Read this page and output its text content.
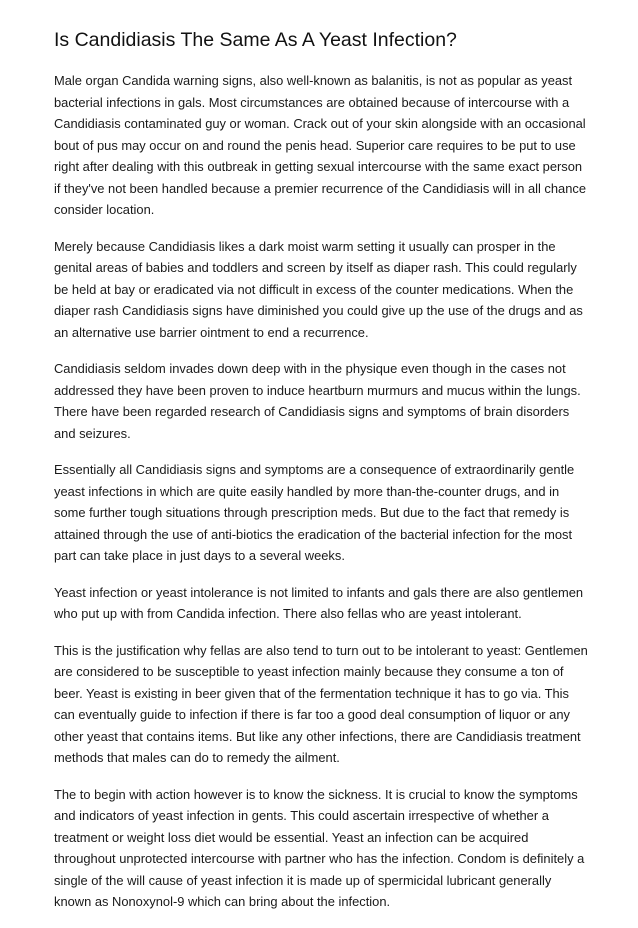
Is Candidiasis The Same As A Yeast Infection?

Male organ Candida warning signs, also well-known as balanitis, is not as popular as yeast bacterial infections in gals. Most circumstances are obtained because of intercourse with a Candidiasis contaminated guy or woman. Crack out of your skin alongside with an occasional bout of pus may occur on and round the penis head. Superior care requires to be put to use right after dealing with this outbreak in getting sexual intercourse with the same exact person if they've not been handled because a premier recurrence of the Candidiasis will in all chance consider location.

Merely because Candidiasis likes a dark moist warm setting it usually can prosper in the genital areas of babies and toddlers and screen by itself as diaper rash. This could regularly be held at bay or eradicated via not difficult in excess of the counter medications. When the diaper rash Candidiasis signs have diminished you could give up the use of the drugs and as an alternative use barrier ointment to end a recurrence.

Candidiasis seldom invades down deep with in the physique even though in the cases not addressed they have been proven to induce heartburn murmurs and mucus within the lungs. There have been regarded research of Candidiasis signs and symptoms of brain disorders and seizures.

Essentially all Candidiasis signs and symptoms are a consequence of extraordinarily gentle yeast infections in which are quite easily handled by more than-the-counter drugs, and in some further tough situations through prescription meds. But due to the fact that remedy is attained through the use of anti-biotics the eradication of the bacterial infection for the most part can take place in just days to a several weeks.

Yeast infection or yeast intolerance is not limited to infants and gals there are also gentlemen who put up with from Candida infection. There also fellas who are yeast intolerant.

This is the justification why fellas are also tend to turn out to be intolerant to yeast: Gentlemen are considered to be susceptible to yeast infection mainly because they consume a ton of beer. Yeast is existing in beer given that of the fermentation technique it has to go via. This can eventually guide to infection if there is far too a good deal consumption of liquor or any other yeast that contains items. But like any other infections, there are Candidiasis treatment methods that males can do to remedy the ailment.

The to begin with action however is to know the sickness. It is crucial to know the symptoms and indicators of yeast infection in gents. This could ascertain irrespective of whether a treatment or weight loss diet would be essential. Yeast an infection can be acquired throughout unprotected intercourse with partner who has the infection. Condom is definitely a single of the will cause of yeast infection it is made up of spermicidal lubricant generally known as Nonoxynol-9 which can bring about the infection.
